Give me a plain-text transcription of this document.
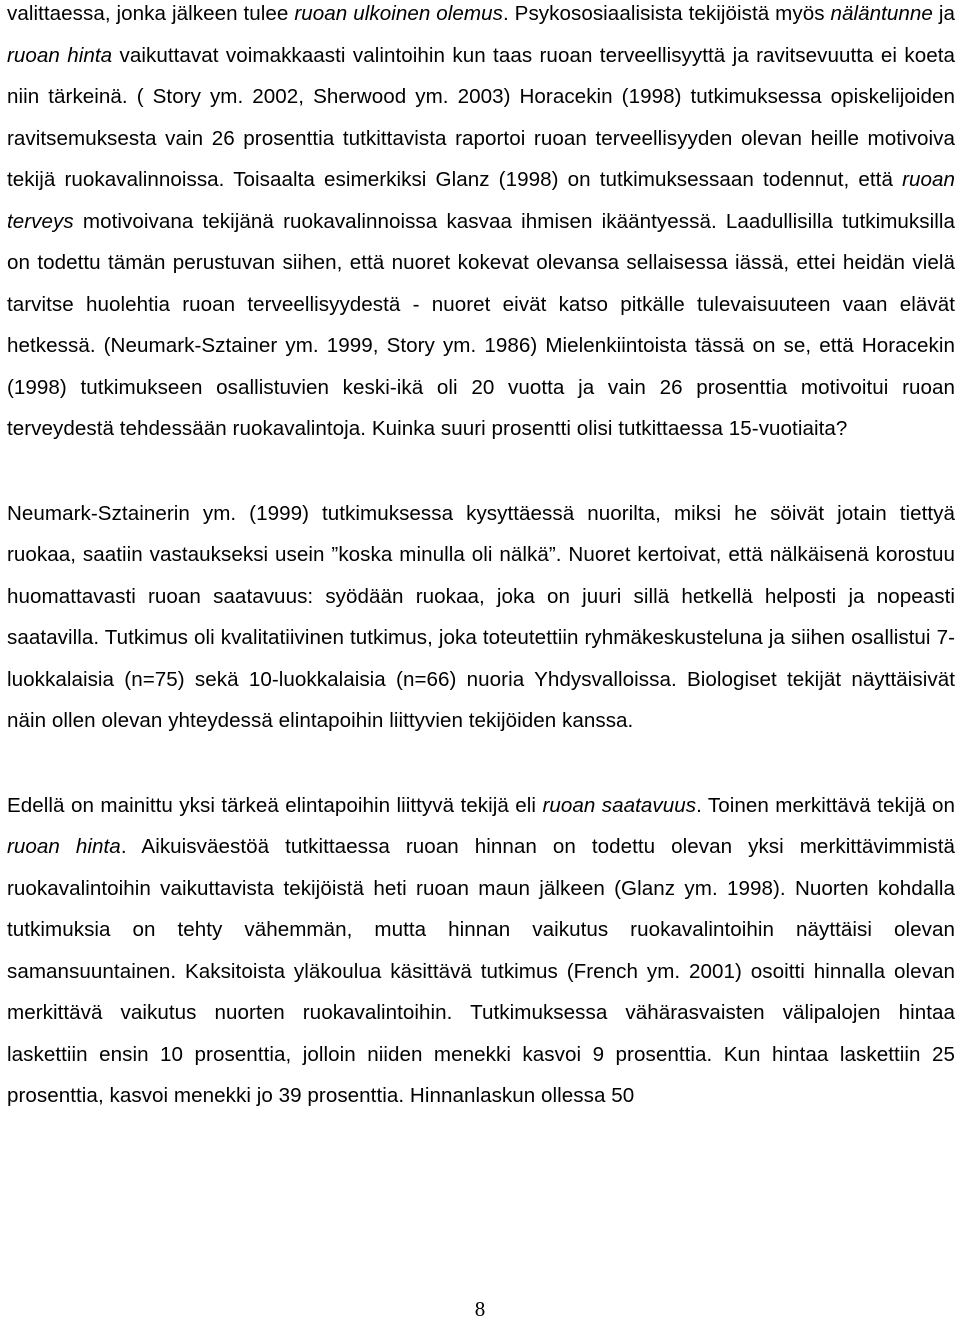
valittaessa, jonka jälkeen tulee ruoan ulkoinen olemus. Psykososiaalisista tekijöistä myös näläntunne ja ruoan hinta vaikuttavat voimakkaasti valintoihin kun taas ruoan terveellisyyttä ja ravitsevuutta ei koeta niin tärkeinä. ( Story ym. 2002, Sherwood ym. 2003) Horacekin (1998) tutkimuksessa opiskelijoiden ravitsemuksesta vain 26 prosenttia tutkittavista raportoi ruoan terveellisyyden olevan heille motivoiva tekijä ruokavalinnoissa. Toisaalta esimerkiksi Glanz (1998) on tutkimuksessaan todennut, että ruoan terveys motivoivana tekijänä ruokavalinnoissa kasvaa ihmisen ikääntyessä. Laadullisilla tutkimuksilla on todettu tämän perustuvan siihen, että nuoret kokevat olevansa sellaisessa iässä, ettei heidän vielä tarvitse huolehtia ruoan terveellisyydestä - nuoret eivät katso pitkälle tulevaisuuteen vaan elävät hetkessä. (Neumark-Sztainer ym. 1999, Story ym. 1986) Mielenkiintoista tässä on se, että Horacekin (1998) tutkimukseen osallistuvien keski-ikä oli 20 vuotta ja vain 26 prosenttia motivoitui ruoan terveydestä tehdessään ruokavalintoja. Kuinka suuri prosentti olisi tutkittaessa 15-vuotiaita?

Neumark-Sztainerin ym. (1999) tutkimuksessa kysyttäessä nuorilta, miksi he söivät jotain tiettyä ruokaa, saatiin vastaukseksi usein ”koska minulla oli nälkä”. Nuoret kertoivat, että nälkäisenä korostuu huomattavasti ruoan saatavuus: syödään ruokaa, joka on juuri sillä hetkellä helposti ja nopeasti saatavilla. Tutkimus oli kvalitatiivinen tutkimus, joka toteutettiin ryhmäkeskusteluna ja siihen osallistui 7-luokkalaisia (n=75) sekä 10-luokkalaisia (n=66) nuoria Yhdysvalloissa. Biologiset tekijät näyttäisivät näin ollen olevan yhteydessä elintapoihin liittyvien tekijöiden kanssa.

Edellä on mainittu yksi tärkeä elintapoihin liittyvä tekijä eli ruoan saatavuus. Toinen merkittävä tekijä on ruoan hinta. Aikuisväestöä tutkittaessa ruoan hinnan on todettu olevan yksi merkittävimmistä ruokavalintoihin vaikuttavista tekijöistä heti ruoan maun jälkeen (Glanz ym. 1998). Nuorten kohdalla tutkimuksia on tehty vähemmän, mutta hinnan vaikutus ruokavalintoihin näyttäisi olevan samansuuntainen. Kaksitoista yläkoulua käsittävä tutkimus (French ym. 2001) osoitti hinnalla olevan merkittävä vaikutus nuorten ruokavalintoihin. Tutkimuksessa vähärasvaisten välipalojen hintaa laskettiin ensin 10 prosenttia, jolloin niiden menekki kasvoi 9 prosenttia. Kun hintaa laskettiin 25 prosenttia, kasvoi menekki jo 39 prosenttia. Hinnanlaskun ollessa 50

8
